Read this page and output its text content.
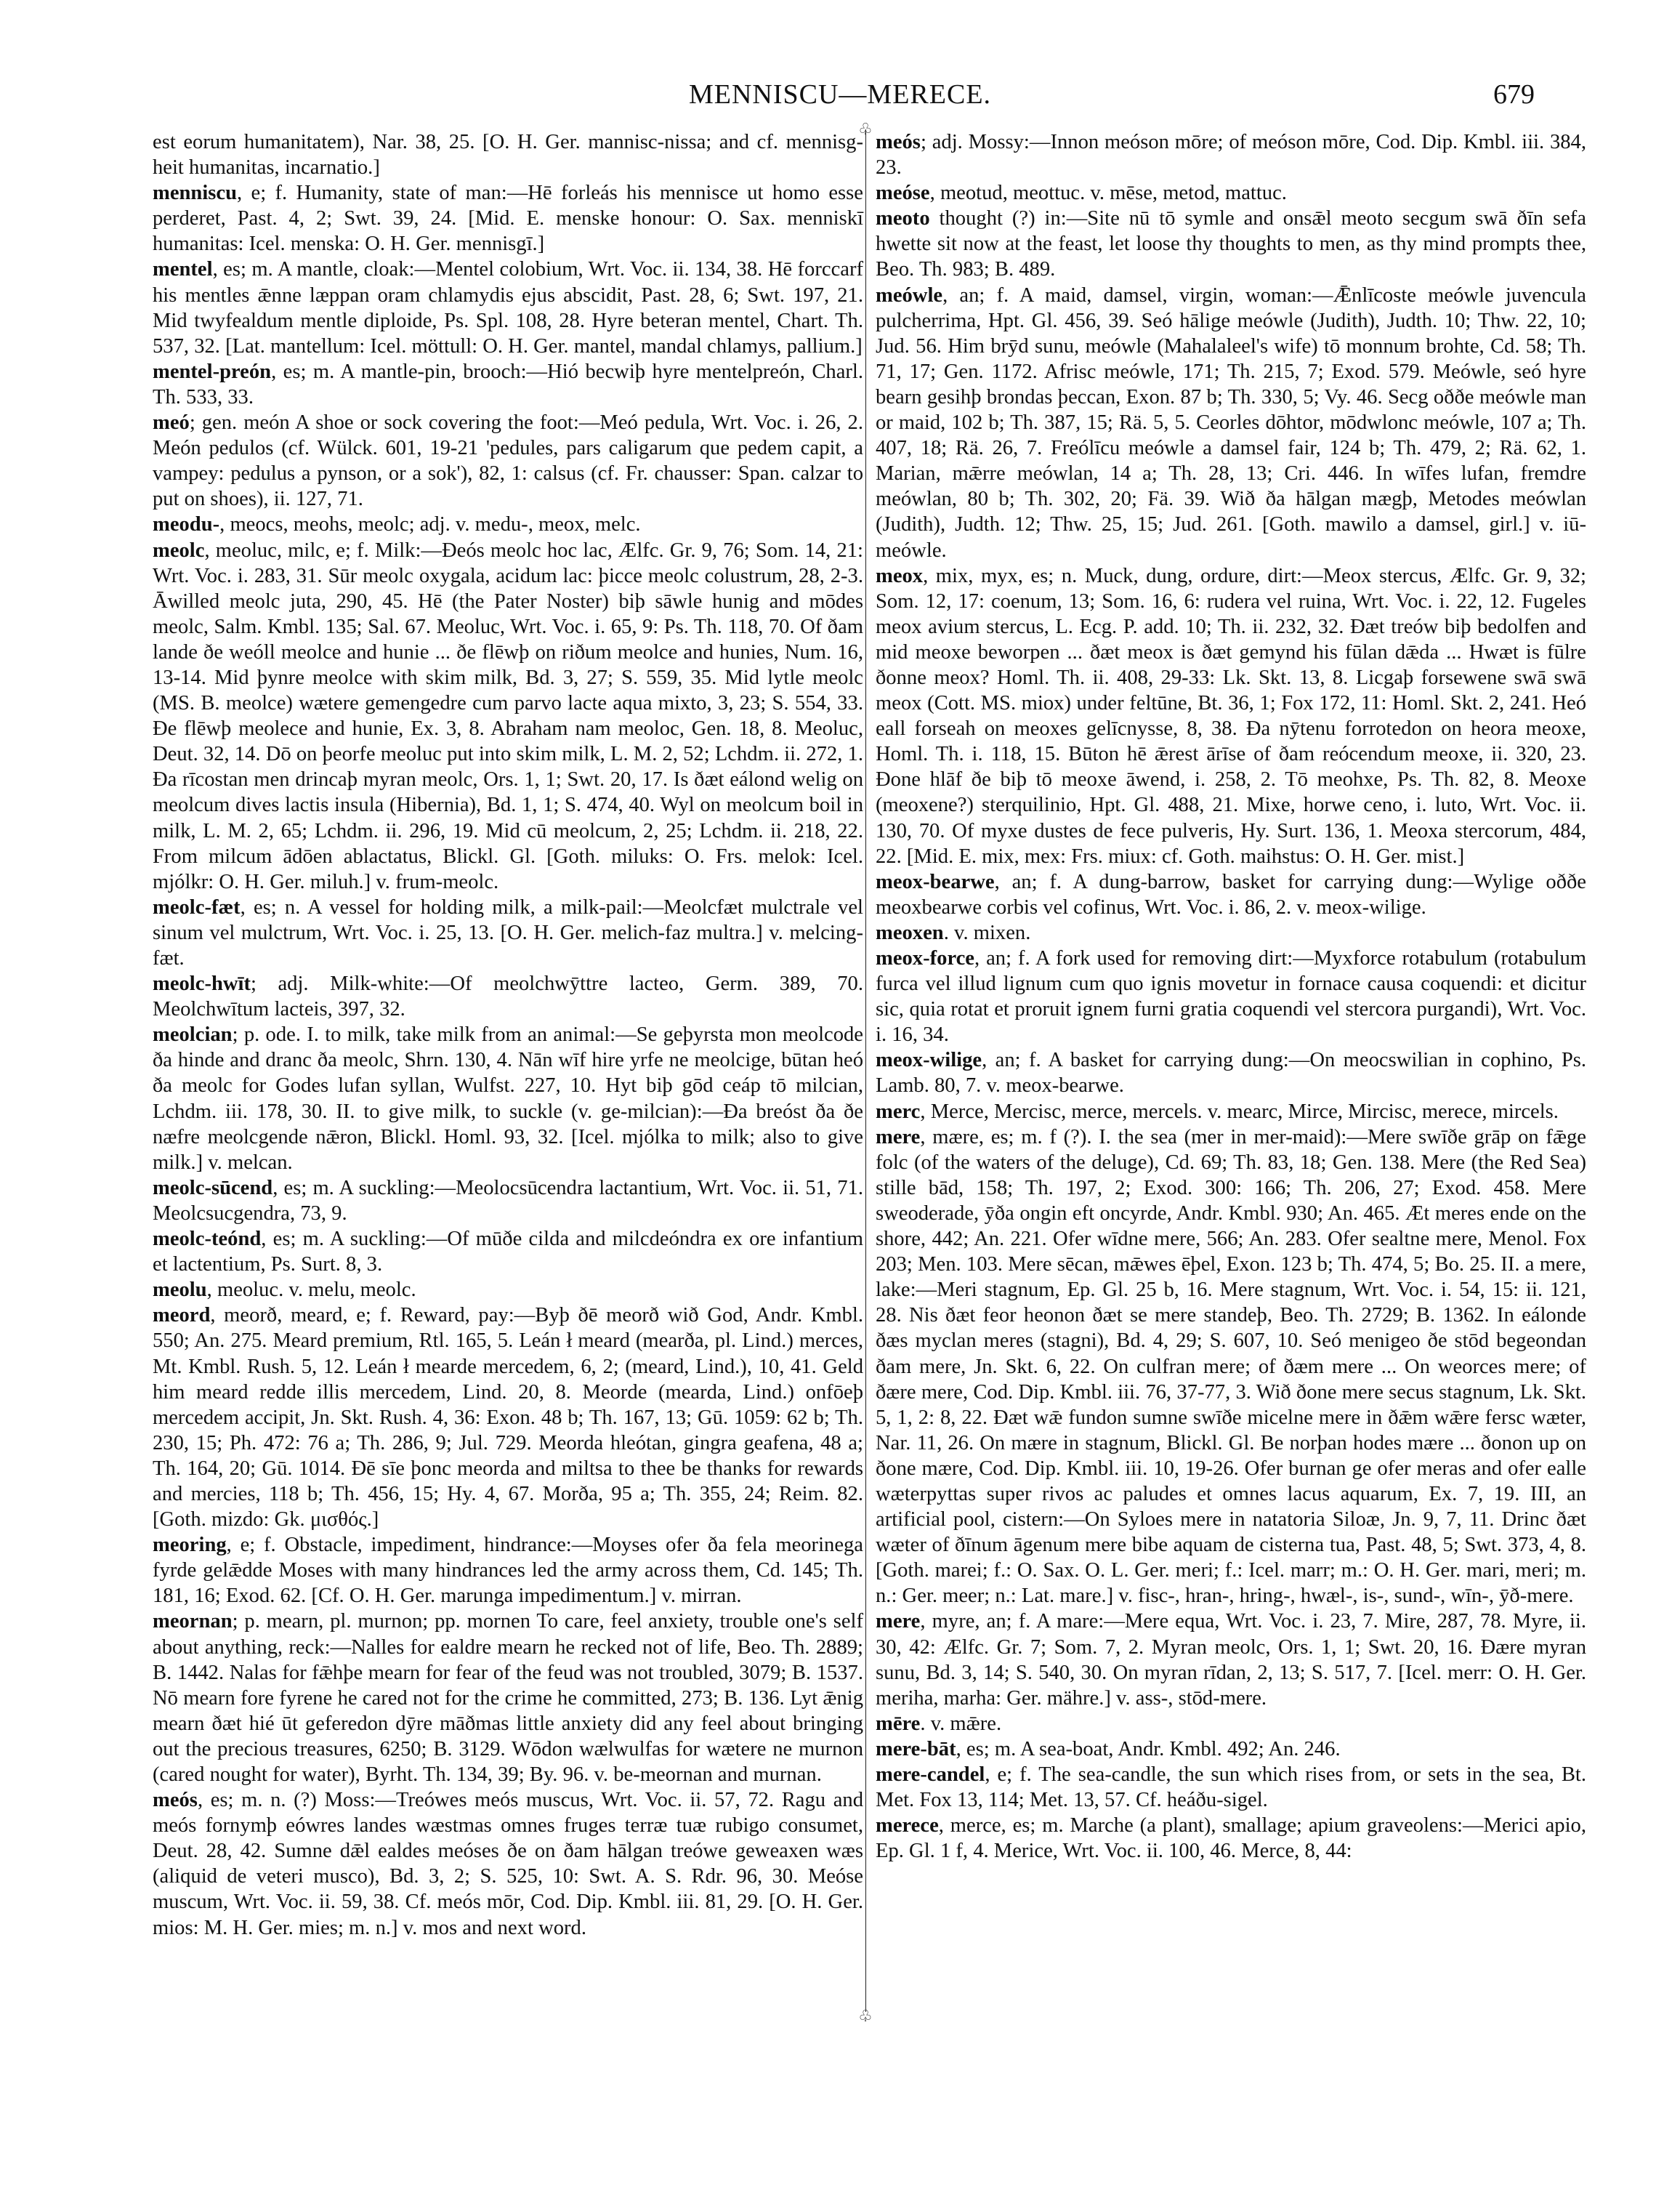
MENNISCU—MERECE.	679
♧
♧

est eorum humanitatem), Nar. 38, 25. [O. H. Ger. mannisc-nissa; and cf. mennisg-heit humanitas, incarnatio.]

menniscu, e; f. Humanity, state of man:—Hē forleás his mennisce ut homo esse perderet, Past. 4, 2; Swt. 39, 24. [Mid. E. menske honour: O. Sax. menniskī humanitas: Icel. menska: O. H. Ger. mennisgī.]

mentel, es; m. A mantle, cloak:—Mentel colobium, Wrt. Voc. ii. 134, 38. Hē forccarf his mentles ǣnne læppan oram chlamydis ejus abscidit, Past. 28, 6; Swt. 197, 21. Mid twyfealdum mentle diploide, Ps. Spl. 108, 28. Hyre beteran mentel, Chart. Th. 537, 32. [Lat. mantellum: Icel. möttull: O. H. Ger. mantel, mandal chlamys, pallium.]

mentel-preón, es; m. A mantle-pin, brooch:—Hió becwiþ hyre mentelpreón, Charl. Th. 533, 33.

meó; gen. meón A shoe or sock covering the foot:—Meó pedula, Wrt. Voc. i. 26, 2. Meón pedulos (cf. Wülck. 601, 19-21 'pedules, pars caligarum que pedem capit, a vampey: pedulus a pynson, or a sok'), 82, 1: calsus (cf. Fr. chausser: Span. calzar to put on shoes), ii. 127, 71.

meodu-, meocs, meohs, meolc; adj. v. medu-, meox, melc.

meolc, meoluc, milc, e; f. Milk:—Ðeós meolc hoc lac, Ælfc. Gr. 9, 76; Som. 14, 21: Wrt. Voc. i. 283, 31. Sūr meolc oxygala, acidum lac: þicce meolc colustrum, 28, 2-3. Āwilled meolc juta, 290, 45. Hē (the Pater Noster) biþ sāwle hunig and mōdes meolc, Salm. Kmbl. 135; Sal. 67. Meoluc, Wrt. Voc. i. 65, 9: Ps. Th. 118, 70. Of ðam lande ðe weóll meolce and hunie ... ðe flēwþ on riðum meolce and hunies, Num. 16, 13-14. Mid þynre meolce with skim milk, Bd. 3, 27; S. 559, 35. Mid lytle meolc (MS. B. meolce) wætere gemengedre cum parvo lacte aqua mixto, 3, 23; S. 554, 33. Ðe flēwþ meolece and hunie, Ex. 3, 8. Abraham nam meoloc, Gen. 18, 8. Meoluc, Deut. 32, 14. Dō on þeorfe meoluc put into skim milk, L. M. 2, 52; Lchdm. ii. 272, 1. Ða rīcostan men drincaþ myran meolc, Ors. 1, 1; Swt. 20, 17. Is ðæt eálond welig on meolcum dives lactis insula (Hibernia), Bd. 1, 1; S. 474, 40. Wyl on meolcum boil in milk, L. M. 2, 65; Lchdm. ii. 296, 19. Mid cū meolcum, 2, 25; Lchdm. ii. 218, 22. From milcum ādōen ablactatus, Blickl. Gl. [Goth. miluks: O. Frs. melok: Icel. mjólkr: O. H. Ger. miluh.] v. frum-meolc.

meolc-fæt, es; n. A vessel for holding milk, a milk-pail:—Meolcfæt mulctrale vel sinum vel mulctrum, Wrt. Voc. i. 25, 13. [O. H. Ger. melich-faz multra.] v. melcing-fæt.

meolc-hwīt; adj. Milk-white:—Of meolchwȳttre lacteo, Germ. 389, 70. Meolchwītum lacteis, 397, 32.

meolcian; p. ode. I. to milk, take milk from an animal:—Se geþyrsta mon meolcode ða hinde and dranc ða meolc, Shrn. 130, 4. Nān wīf hire yrfe ne meolcige, būtan heó ða meolc for Godes lufan syllan, Wulfst. 227, 10. Hyt biþ gōd ceáp tō milcian, Lchdm. iii. 178, 30. II. to give milk, to suckle (v. ge-milcian):—Ða breóst ða ðe næfre meolcgende nǣron, Blickl. Homl. 93, 32. [Icel. mjólka to milk; also to give milk.] v. melcan.

meolc-sūcend, es; m. A suckling:—Meolocsūcendra lactantium, Wrt. Voc. ii. 51, 71. Meolcsucgendra, 73, 9.

meolc-teónd, es; m. A suckling:—Of mūðe cilda and milcdeóndra ex ore infantium et lactentium, Ps. Surt. 8, 3.

meolu, meoluc. v. melu, meolc.

meord, meorð, meard, e; f. Reward, pay:—Byþ ðē meorð wið God, Andr. Kmbl. 550; An. 275. Meard premium, Rtl. 165, 5. Leán ł meard (mearða, pl. Lind.) merces, Mt. Kmbl. Rush. 5, 12. Leán ł mearde mercedem, 6, 2; (meard, Lind.), 10, 41. Geld him meard redde illis mercedem, Lind. 20, 8. Meorde (mearda, Lind.) onfōeþ mercedem accipit, Jn. Skt. Rush. 4, 36: Exon. 48 b; Th. 167, 13; Gū. 1059: 62 b; Th. 230, 15; Ph. 472: 76 a; Th. 286, 9; Jul. 729. Meorda hleótan, gingra geafena, 48 a; Th. 164, 20; Gū. 1014. Ðē sīe þonc meorda and miltsa to thee be thanks for rewards and mercies, 118 b; Th. 456, 15; Hy. 4, 67. Morða, 95 a; Th. 355, 24; Reim. 82. [Goth. mizdo: Gk. μισθός.]

meoring, e; f. Obstacle, impediment, hindrance:—Moyses ofer ða fela meorinega fyrde gelǣdde Moses with many hindrances led the army across them, Cd. 145; Th. 181, 16; Exod. 62. [Cf. O. H. Ger. marunga impedimentum.] v. mirran.

meornan; p. mearn, pl. murnon; pp. mornen To care, feel anxiety, trouble one's self about anything, reck:—Nalles for ealdre mearn he recked not of life, Beo. Th. 2889; B. 1442. Nalas for fǣhþe mearn for fear of the feud was not troubled, 3079; B. 1537. Nō mearn fore fyrene he cared not for the crime he committed, 273; B. 136. Lyt ǣnig mearn ðæt hié ūt geferedon dȳre māðmas little anxiety did any feel about bringing out the precious treasures, 6250; B. 3129. Wōdon wælwulfas for wætere ne murnon (cared nought for water), Byrht. Th. 134, 39; By. 96. v. be-meornan and murnan.

meós, es; m. n. (?) Moss:—Treówes meós muscus, Wrt. Voc. ii. 57, 72. Ragu and meós fornymþ eówres landes wæstmas omnes fruges terræ tuæ rubigo consumet, Deut. 28, 42. Sumne dǣl ealdes meóses ðe on ðam hālgan treówe geweaxen wæs (aliquid de veteri musco), Bd. 3, 2; S. 525, 10: Swt. A. S. Rdr. 96, 30. Meóse muscum, Wrt. Voc. ii. 59, 38. Cf. meós mōr, Cod. Dip. Kmbl. iii. 81, 29. [O. H. Ger. mios: M. H. Ger. mies; m. n.] v. mos and next word.

meós; adj. Mossy:—Innon meóson mōre; of meóson mōre, Cod. Dip. Kmbl. iii. 384, 23.

meóse, meotud, meottuc. v. mēse, metod, mattuc.

meoto thought (?) in:—Site nū tō symle and onsǣl meoto secgum swā ðīn sefa hwette sit now at the feast, let loose thy thoughts to men, as thy mind prompts thee, Beo. Th. 983; B. 489.

meówle, an; f. A maid, damsel, virgin, woman:—Ǣnlīcoste meówle juvencula pulcherrima, Hpt. Gl. 456, 39. Seó hālige meówle (Judith), Judth. 10; Thw. 22, 10; Jud. 56. Him brȳd sunu, meówle (Mahalaleel's wife) tō monnum brohte, Cd. 58; Th. 71, 17; Gen. 1172. Afrisc meówle, 171; Th. 215, 7; Exod. 579. Meówle, seó hyre bearn gesihþ brondas þeccan, Exon. 87 b; Th. 330, 5; Vy. 46. Secg oððe meówle man or maid, 102 b; Th. 387, 15; Rä. 5, 5. Ceorles dōhtor, mōdwlonc meówle, 107 a; Th. 407, 18; Rä. 26, 7. Freólīcu meówle a damsel fair, 124 b; Th. 479, 2; Rä. 62, 1. Marian, mǣrre meówlan, 14 a; Th. 28, 13; Cri. 446. In wīfes lufan, fremdre meówlan, 80 b; Th. 302, 20; Fä. 39. Wið ða hālgan mægþ, Metodes meówlan (Judith), Judth. 12; Thw. 25, 15; Jud. 261. [Goth. mawilo a damsel, girl.] v. iū-meówle.

meox, mix, myx, es; n. Muck, dung, ordure, dirt:—Meox stercus, Ælfc. Gr. 9, 32; Som. 12, 17: coenum, 13; Som. 16, 6: rudera vel ruina, Wrt. Voc. i. 22, 12. Fugeles meox avium stercus, L. Ecg. P. add. 10; Th. ii. 232, 32. Ðæt treów biþ bedolfen and mid meoxe beworpen ... ðæt meox is ðæt gemynd his fūlan dǣda ... Hwæt is fūlre ðonne meox? Homl. Th. ii. 408, 29-33: Lk. Skt. 13, 8. Licgaþ forsewene swā swā meox (Cott. MS. miox) under feltūne, Bt. 36, 1; Fox 172, 11: Homl. Skt. 2, 241. Heó eall forseah on meoxes gelīcnysse, 8, 38. Ða nȳtenu forrotedon on heora meoxe, Homl. Th. i. 118, 15. Būton hē ǣrest ārīse of ðam reócendum meoxe, ii. 320, 23. Ðone hlāf ðe biþ tō meoxe āwend, i. 258, 2. Tō meohxe, Ps. Th. 82, 8. Meoxe (meoxene?) sterquilinio, Hpt. Gl. 488, 21. Mixe, horwe ceno, i. luto, Wrt. Voc. ii. 130, 70. Of myxe dustes de fece pulveris, Hy. Surt. 136, 1. Meoxa stercorum, 484, 22. [Mid. E. mix, mex: Frs. miux: cf. Goth. maihstus: O. H. Ger. mist.]

meox-bearwe, an; f. A dung-barrow, basket for carrying dung:—Wylige oððe meoxbearwe corbis vel cofinus, Wrt. Voc. i. 86, 2. v. meox-wilige.

meoxen. v. mixen.

meox-force, an; f. A fork used for removing dirt:—Myxforce rotabulum (rotabulum furca vel illud lignum cum quo ignis movetur in fornace causa coquendi: et dicitur sic, quia rotat et proruit ignem furni gratia coquendi vel stercora purgandi), Wrt. Voc. i. 16, 34.

meox-wilige, an; f. A basket for carrying dung:—On meocswilian in cophino, Ps. Lamb. 80, 7. v. meox-bearwe.

merc, Merce, Mercisc, merce, mercels. v. mearc, Mirce, Mircisc, merece, mircels.

mere, mære, es; m. f (?). I. the sea (mer in mer-maid):—Mere swīðe grāp on fǣge folc (of the waters of the deluge), Cd. 69; Th. 83, 18; Gen. 138. Mere (the Red Sea) stille bād, 158; Th. 197, 2; Exod. 300: 166; Th. 206, 27; Exod. 458. Mere sweoderade, ȳða ongin eft oncyrde, Andr. Kmbl. 930; An. 465. Æt meres ende on the shore, 442; An. 221. Ofer wīdne mere, 566; An. 283. Ofer sealtne mere, Menol. Fox 203; Men. 103. Mere sēcan, mǣwes ēþel, Exon. 123 b; Th. 474, 5; Bo. 25. II. a mere, lake:—Meri stagnum, Ep. Gl. 25 b, 16. Mere stagnum, Wrt. Voc. i. 54, 15: ii. 121, 28. Nis ðæt feor heonon ðæt se mere standeþ, Beo. Th. 2729; B. 1362. In eálonde ðæs myclan meres (stagni), Bd. 4, 29; S. 607, 10. Seó menigeo ðe stōd begeondan ðam mere, Jn. Skt. 6, 22. On culfran mere; of ðæm mere ... On weorces mere; of ðære mere, Cod. Dip. Kmbl. iii. 76, 37-77, 3. Wið ðone mere secus stagnum, Lk. Skt. 5, 1, 2: 8, 22. Ðæt wǣ fundon sumne swīðe micelne mere in ðǣm wǣre fersc wæter, Nar. 11, 26. On mære in stagnum, Blickl. Gl. Be norþan hodes mære ... ðonon up on ðone mære, Cod. Dip. Kmbl. iii. 10, 19-26. Ofer burnan ge ofer meras and ofer ealle wæterpyttas super rivos ac paludes et omnes lacus aquarum, Ex. 7, 19. III, an artificial pool, cistern:—On Syloes mere in natatoria Siloæ, Jn. 9, 7, 11. Drinc ðæt wæter of ðīnum āgenum mere bibe aquam de cisterna tua, Past. 48, 5; Swt. 373, 4, 8. [Goth. marei; f.: O. Sax. O. L. Ger. meri; f.: Icel. marr; m.: O. H. Ger. mari, meri; m. n.: Ger. meer; n.: Lat. mare.] v. fisc-, hran-, hring-, hwæl-, is-, sund-, wīn-, ȳð-mere.

mere, myre, an; f. A mare:—Mere equa, Wrt. Voc. i. 23, 7. Mire, 287, 78. Myre, ii. 30, 42: Ælfc. Gr. 7; Som. 7, 2. Myran meolc, Ors. 1, 1; Swt. 20, 16. Ðære myran sunu, Bd. 3, 14; S. 540, 30. On myran rīdan, 2, 13; S. 517, 7. [Icel. merr: O. H. Ger. meriha, marha: Ger. mähre.] v. ass-, stōd-mere.

mēre. v. mǣre.

mere-bāt, es; m. A sea-boat, Andr. Kmbl. 492; An. 246.

mere-candel, e; f. The sea-candle, the sun which rises from, or sets in the sea, Bt. Met. Fox 13, 114; Met. 13, 57. Cf. heáðu-sigel.

merece, merce, es; m. Marche (a plant), smallage; apium graveolens:—Merici apio, Ep. Gl. 1 f, 4. Merice, Wrt. Voc. ii. 100, 46. Merce, 8, 44:
